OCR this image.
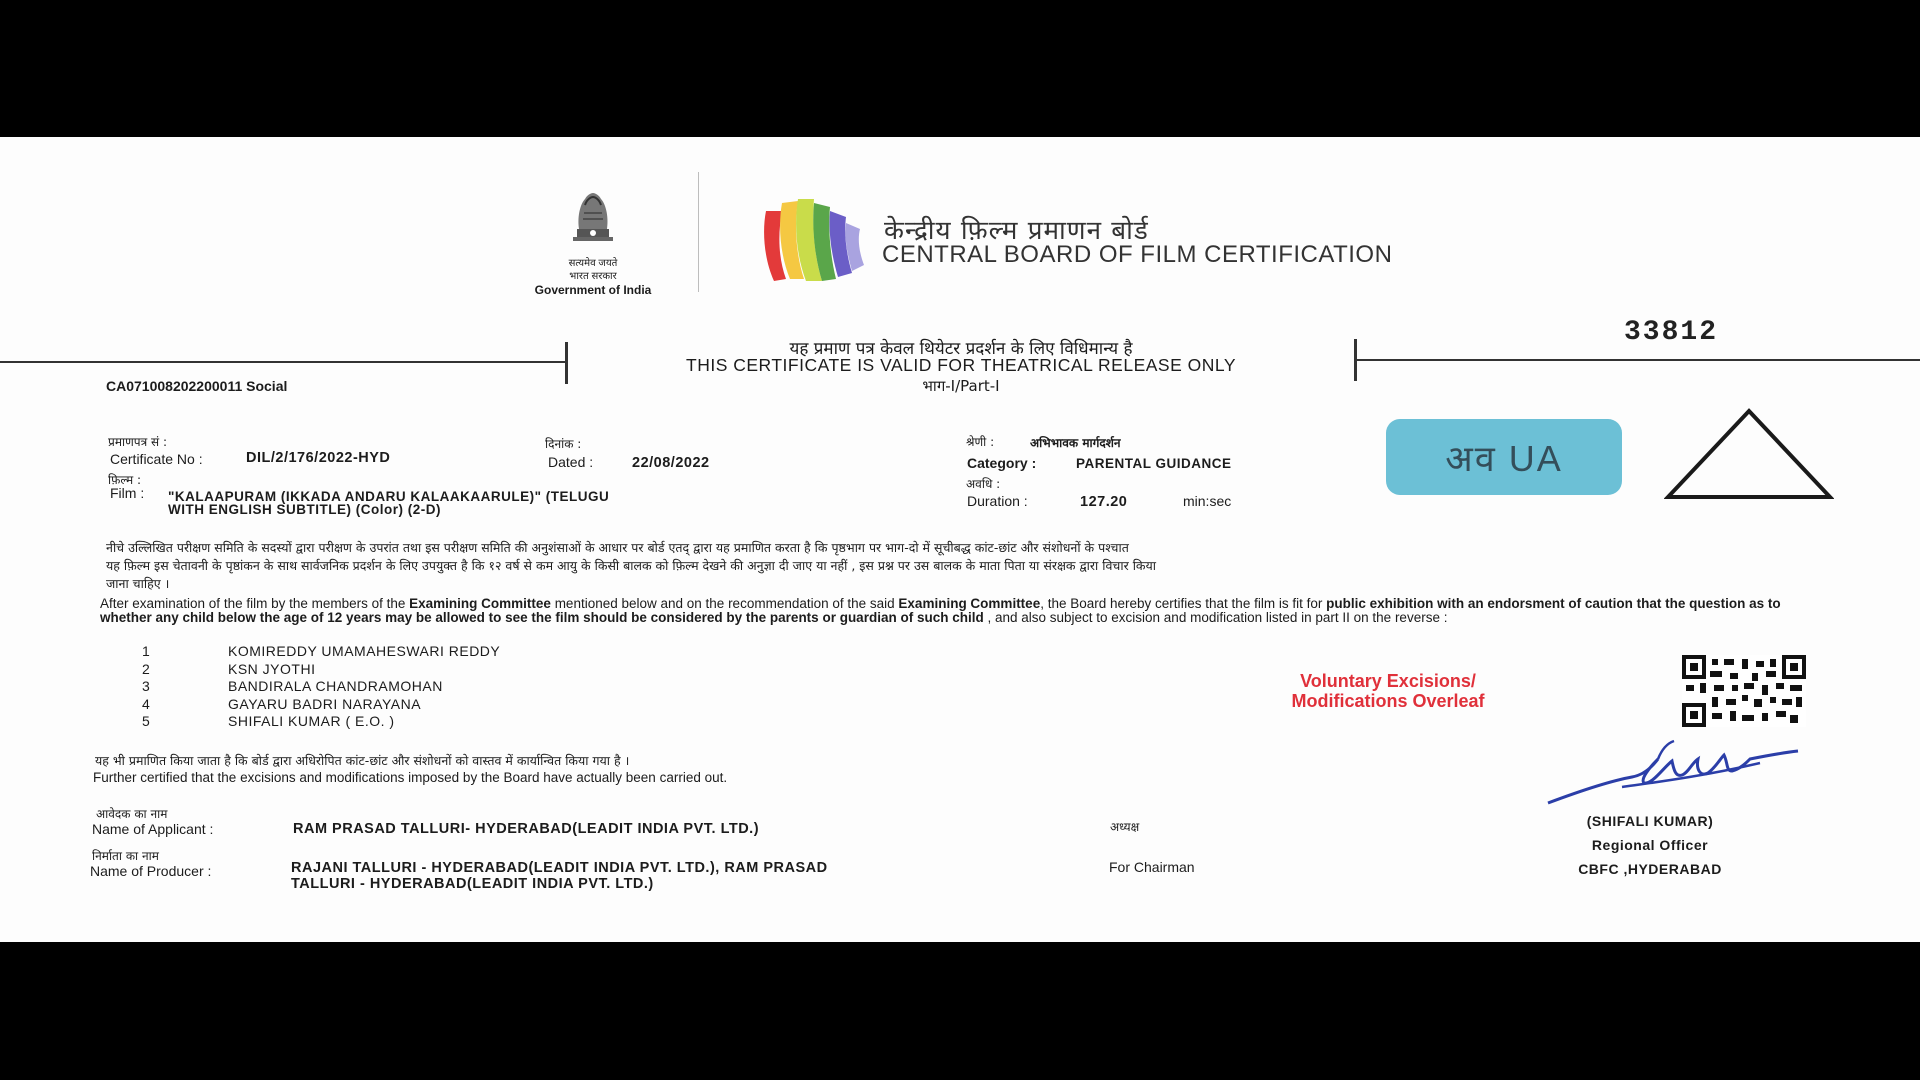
सत्यमेव जयते
भारत सरकार
Government of India
केन्द्रीय फ़िल्म प्रमाणन बोर्ड
CENTRAL BOARD OF FILM CERTIFICATION
33812
यह प्रमाण पत्र केवल थियेटर प्रदर्शन के लिए विधिमान्य है
THIS CERTIFICATE IS VALID FOR THEATRICAL RELEASE ONLY
भाग-I/Part-I
CA071008202200011 Social
प्रमाणपत्र सं :
Certificate No :	DIL/2/176/2022-HYD
फ़िल्म :
Film : "KALAAPURAM (IKKADA ANDARU KALAAKAARULE)" (TELUGU
WITH ENGLISH SUBTITLE) (Color) (2-D)
दिनांक :
Dated :	22/08/2022
श्रेणी :	अभिभावक मार्गदर्शन
Category :	PARENTAL GUIDANCE
अवधि :
Duration :	127.20	min:sec
अव UA
नीचे उल्लिखित परीक्षण समिति के सदस्यों द्वारा परीक्षण के उपरांत तथा इस परीक्षण समिति की अनुशंसाओं के आधार पर बोर्ड एतद् द्वारा यह प्रमाणित करता है कि पृष्ठभाग पर भाग-दो में सूचीबद्ध कांट-छांट और संशोधनों के पश्चात
यह फ़िल्म इस चेतावनी के पृष्ठांकन के साथ सार्वजनिक प्रदर्शन के लिए उपयुक्त है कि १२ वर्ष से कम आयु के किसी बालक को फ़िल्म देखने की अनुज्ञा दी जाए या नहीं , इस प्रश्न पर उस बालक के माता पिता या संरक्षक द्वारा विचार किया
जाना चाहिए ।
After examination of the film by the members of the Examining Committee mentioned below and on the recommendation of the said Examining Committee, the Board hereby certifies that the film is fit for public exhibition with an endorsment of caution that the question as to whether any child below the age of 12 years may be allowed to see the film should be considered by the parents or guardian of such child , and also subject to excision and modification listed in part II on the reverse :
1	KOMIREDDY UMAMAHESWARI REDDY
2	KSN JYOTHI
3	BANDIRALA CHANDRAMOHAN
4	GAYARU BADRI NARAYANA
5	SHIFALI KUMAR ( E.O. )
Voluntary Excisions/
Modifications Overleaf
यह भी प्रमाणित किया जाता है कि बोर्ड द्वारा अधिरोपित कांट-छांट और संशोधनों को वास्तव में कार्यान्वित किया गया है ।
Further certified that the excisions and modifications imposed by the Board have actually been carried out.
(SHIFALI KUMAR)
Regional Officer
CBFC ,HYDERABAD
आवेदक का नाम
Name of Applicant :	RAM PRASAD TALLURI- HYDERABAD(LEADIT INDIA PVT. LTD.)
निर्माता का नाम
Name of Producer :	RAJANI TALLURI - HYDERABAD(LEADIT INDIA PVT. LTD.), RAM PRASAD
TALLURI - HYDERABAD(LEADIT INDIA PVT. LTD.)
अध्यक्ष
For Chairman
